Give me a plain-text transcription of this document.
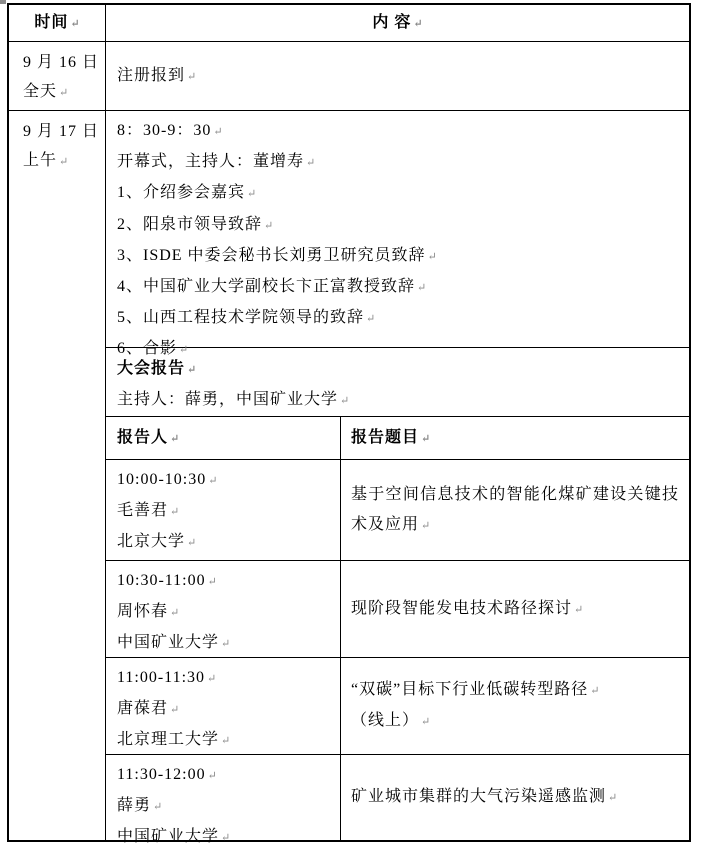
时间 ↵	内 容 ↵

9 月 16 日

全天 ↵

注册报到 ↵

9 月 17 日

上午 ↵

8：30-9：30 ↵

开幕式，主持人：董增寿 ↵

1、介绍参会嘉宾 ↵

2、阳泉市领导致辞 ↵

3、ISDE 中委会秘书长刘勇卫研究员致辞 ↵

4、中国矿业大学副校长卞正富教授致辞 ↵

5、山西工程技术学院领导的致辞 ↵

6、合影 ↵

大会报告 ↵

主持人：薛勇，中国矿业大学 ↵

报告人 ↵	报告题目 ↵

10:00-10:30 ↵

毛善君 ↵

北京大学 ↵

基于空间信息技术的智能化煤矿建设关键技术及应用 ↵

10:30-11:00 ↵

周怀春 ↵

中国矿业大学 ↵

现阶段智能发电技术路径探讨 ↵

11:00-11:30 ↵

唐葆君 ↵

北京理工大学 ↵

“双碳”目标下行业低碳转型路径 ↵

（线上） ↵

11:30-12:00 ↵

薛勇 ↵

中国矿业大学 ↵

矿业城市集群的大气污染遥感监测 ↵
